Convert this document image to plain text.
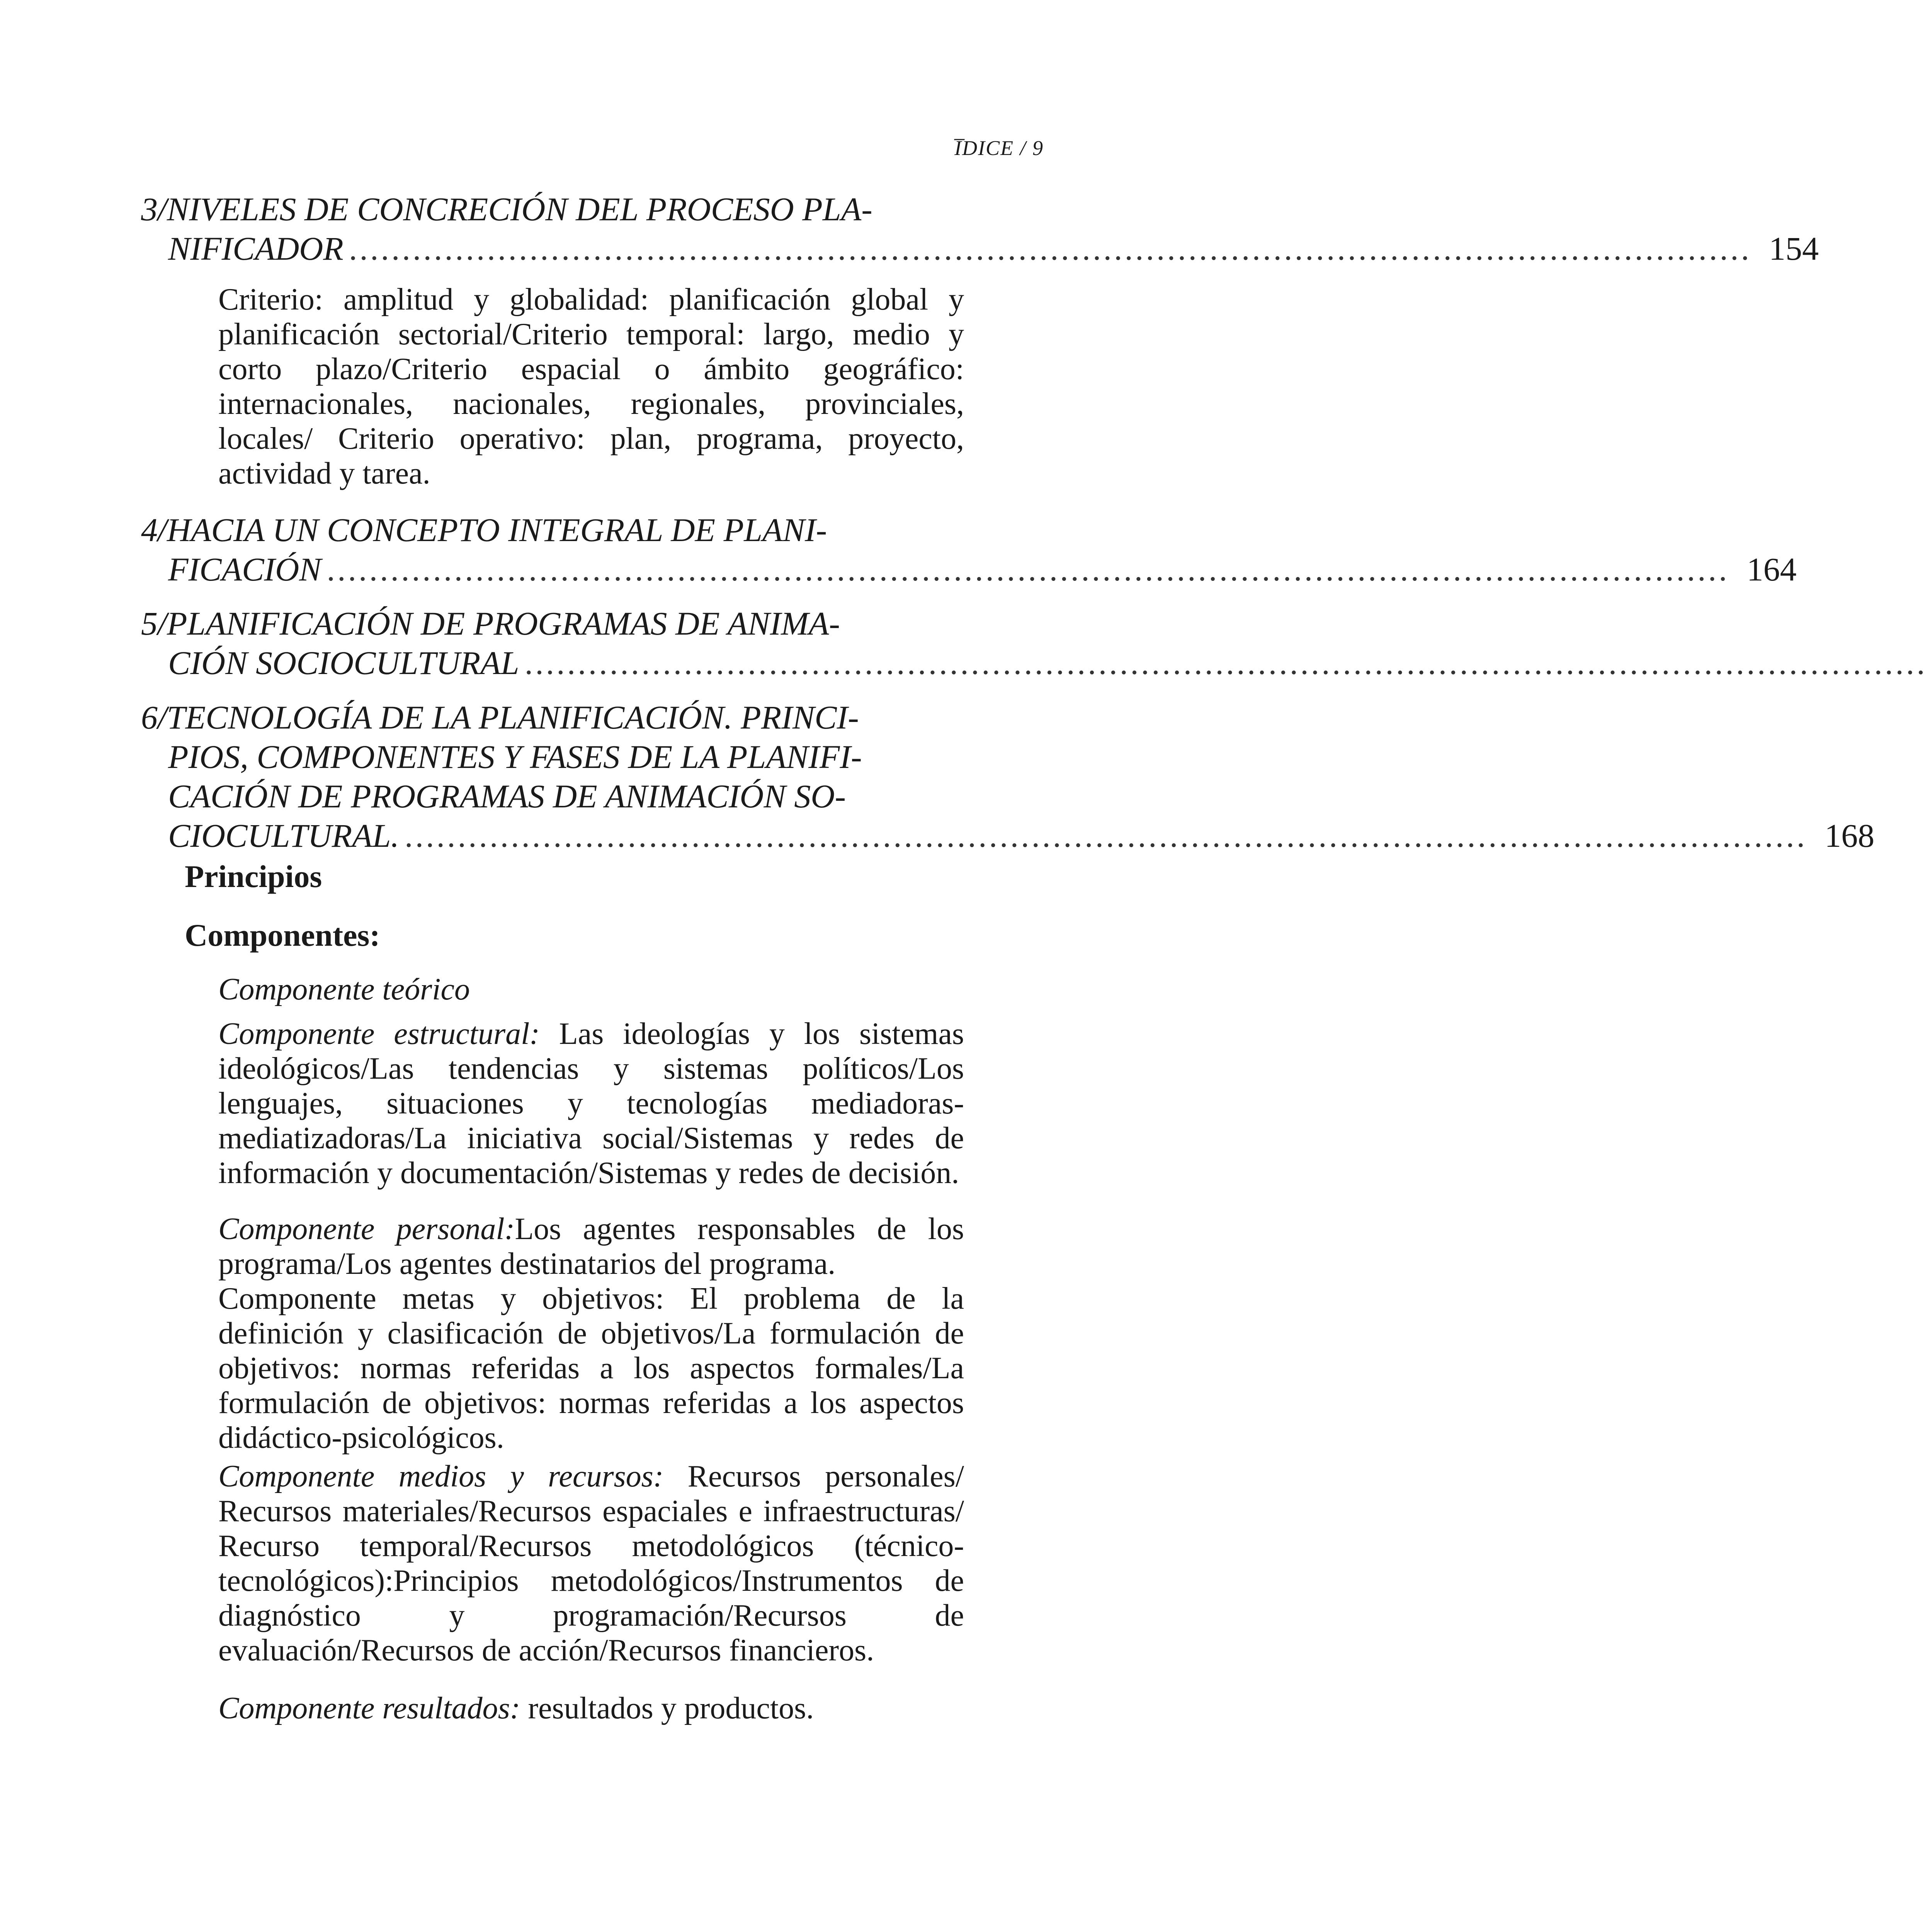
I̅DICE / 9
3/NIVELES DE CONCRECIÓN DEL PROCESO PLA-
NIFICADOR .................................................................................................................................... 154
Criterio: amplitud y globalidad: planificación global y planificación sectorial/Criterio temporal: largo, medio y corto plazo/Criterio espacial o ámbito geográfico: internacionales, nacionales, regionales, provinciales, locales/ Criterio operativo: plan, programa, proyecto, actividad y tarea.
4/HACIA UN CONCEPTO INTEGRAL DE PLANI-
FICACIÓN .................................................................................................................................... 164
5/PLANIFICACIÓN DE PROGRAMAS DE ANIMA-
CIÓN SOCIOCULTURAL ....................................................................................................................................
6/TECNOLOGÍA DE LA PLANIFICACIÓN. PRINCI-
PIOS, COMPONENTES Y FASES DE LA PLANIFI-
CACIÓN DE PROGRAMAS DE ANIMACIÓN SO-
CIOCULTURAL. .................................................................................................................................... 168
Principios
Componentes:
Componente teórico
Componente estructural: Las ideologías y los sistemas ideológicos/Las tendencias y sistemas políticos/Los lenguajes, situaciones y tecnologías mediadoras-mediatizadoras/La iniciativa social/Sistemas y redes de información y documentación/Sistemas y redes de decisión.
Componente personal:Los agentes responsables de los programa/Los agentes destinatarios del programa.
Componente metas y objetivos: El problema de la definición y clasificación de objetivos/La formulación de objetivos: normas referidas a los aspectos formales/La formulación de objetivos: normas referidas a los aspectos didáctico-psicológicos.
Componente medios y recursos: Recursos personales/ Recursos materiales/Recursos espaciales e infraestructuras/ Recurso temporal/Recursos metodológicos (técnico-tecnológicos):Principios metodológicos/Instrumentos de diagnóstico y programación/Recursos de evaluación/Recursos de acción/Recursos financieros.
Componente resultados: resultados y productos.
